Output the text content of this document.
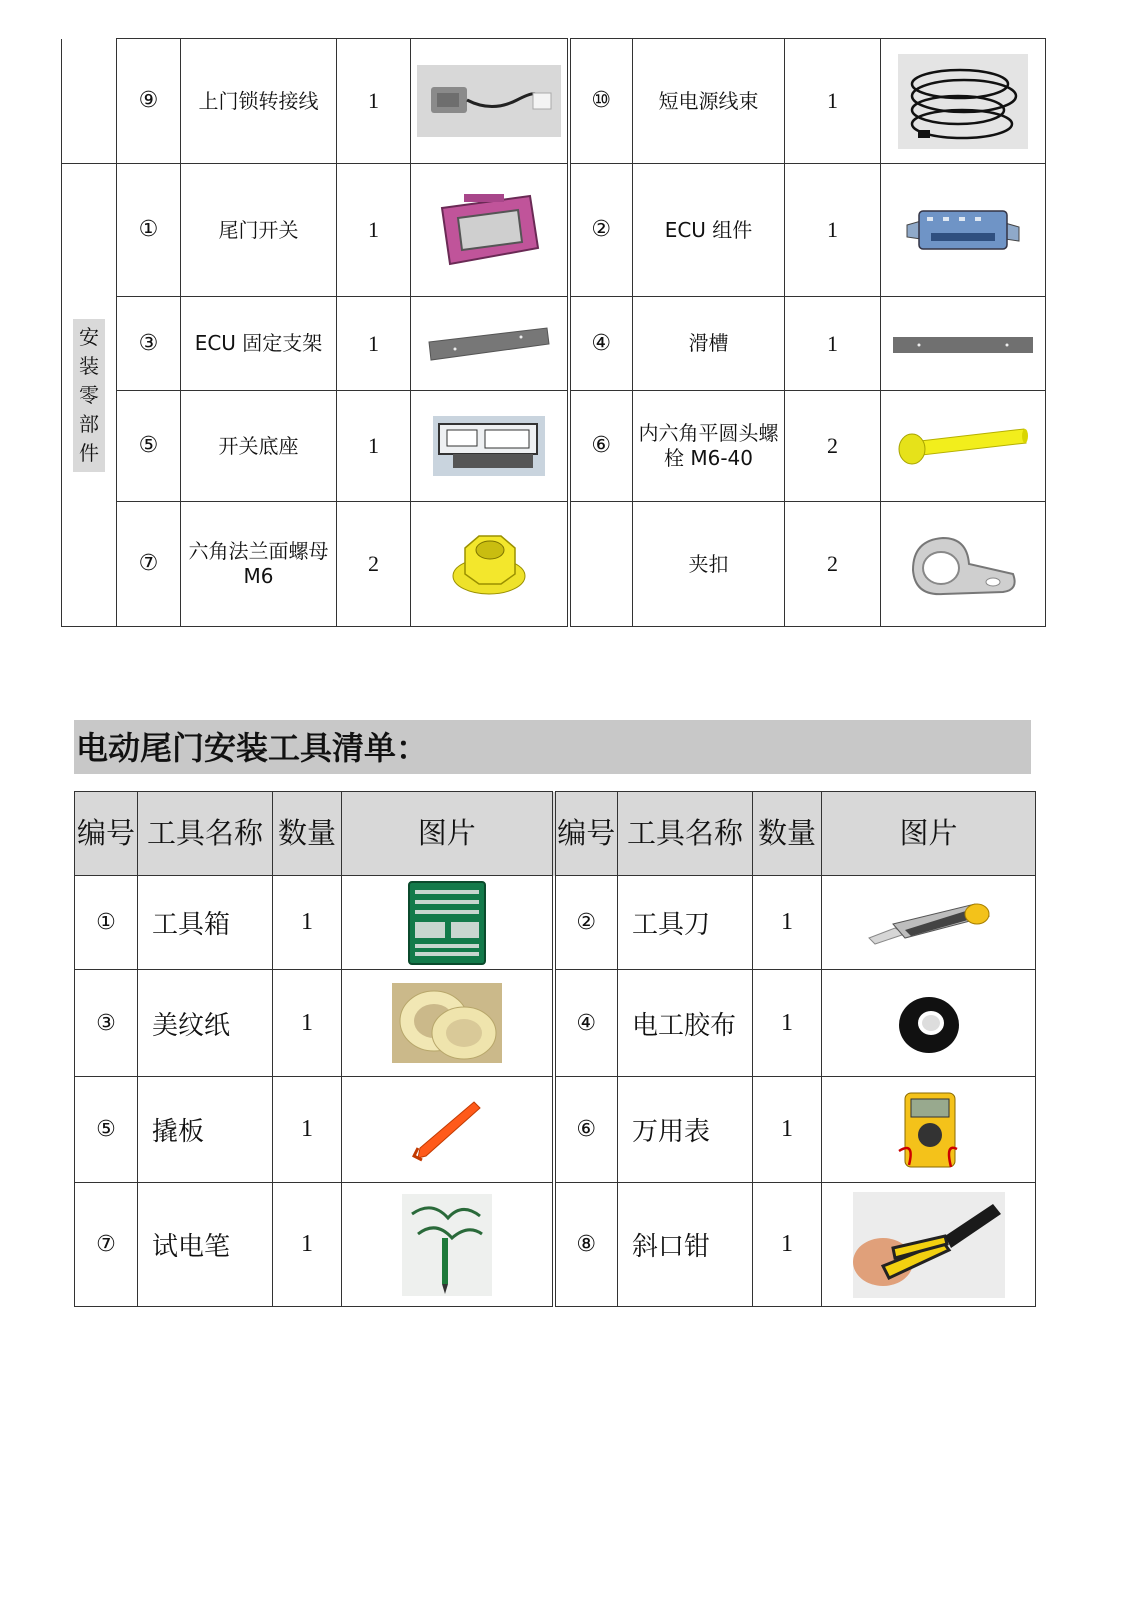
	⑨	上门锁转接线	1		⑩	短电源线束	1	

安
装
零
部
件	①	尾门开关	1		②	ECU 组件	1	
	③	ECU 固定支架	1		④	滑槽	1	
	⑤	开关底座	1		⑥	内六角平圆头螺栓 M6-40	2	
	⑦	六角法兰面螺母 M6	2			夹扣	2	
电动尾门安装工具清单：
编号	工具名称	数量	图片	编号	工具名称	数量	图片
①	工具箱	1		②	工具刀	1	
③	美纹纸	1		④	电工胶布	1	
⑤	撬板	1		⑥	万用表	1	
⑦	试电笔	1		⑧	斜口钳	1	
